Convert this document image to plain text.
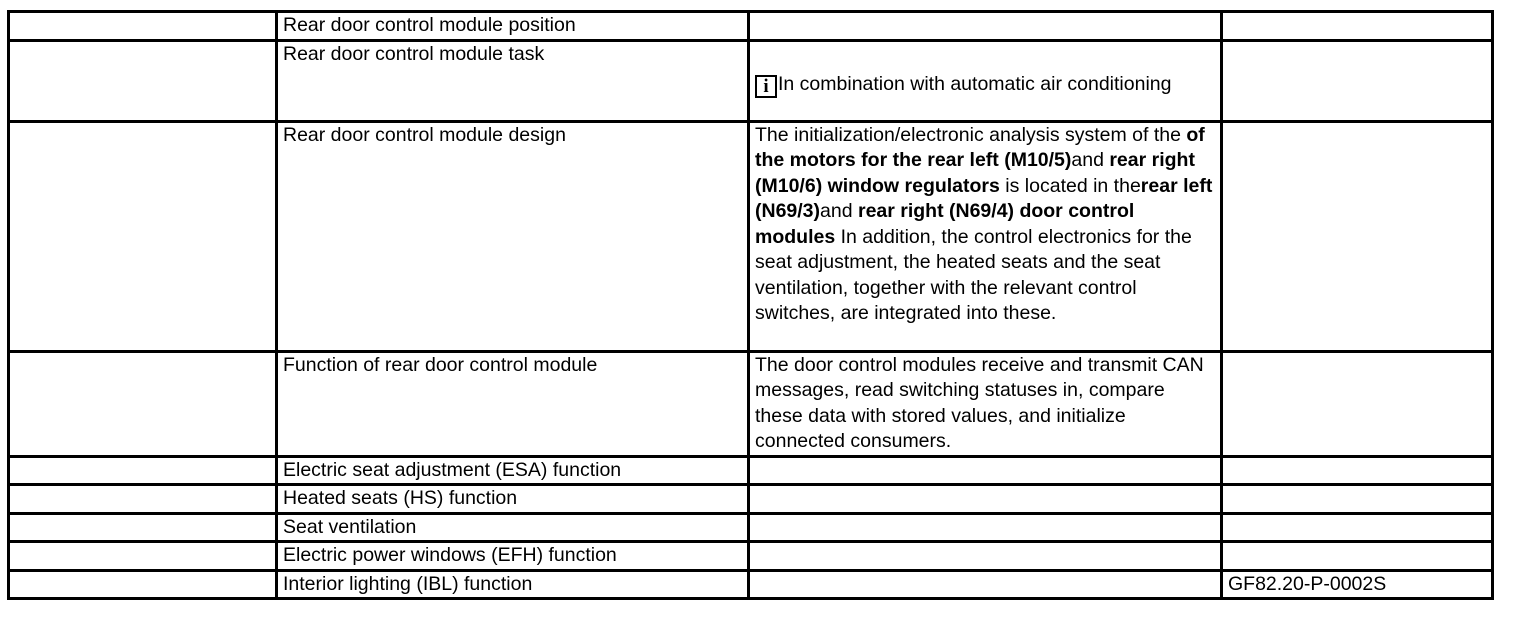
	Rear door control module position		
	Rear door control module task	i In combination with automatic air conditioning	
	Rear door control module design	The initialization/electronic analysis system of the of the motors for the rear left (M10/5)and rear right (M10/6) window regulators is located in therear left (N69/3)and rear right (N69/4) door control modules In addition, the control electronics for the seat adjustment, the heated seats and the seat ventilation, together with the relevant control switches, are integrated into these.	
	Function of rear door control module	The door control modules receive and transmit CAN messages, read switching statuses in, compare these data with stored values, and initialize connected consumers.	
	Electric seat adjustment (ESA) function		
	Heated seats (HS) function		
	Seat ventilation		
	Electric power windows (EFH) function		
	Interior lighting (IBL) function		GF82.20-P-0002S
